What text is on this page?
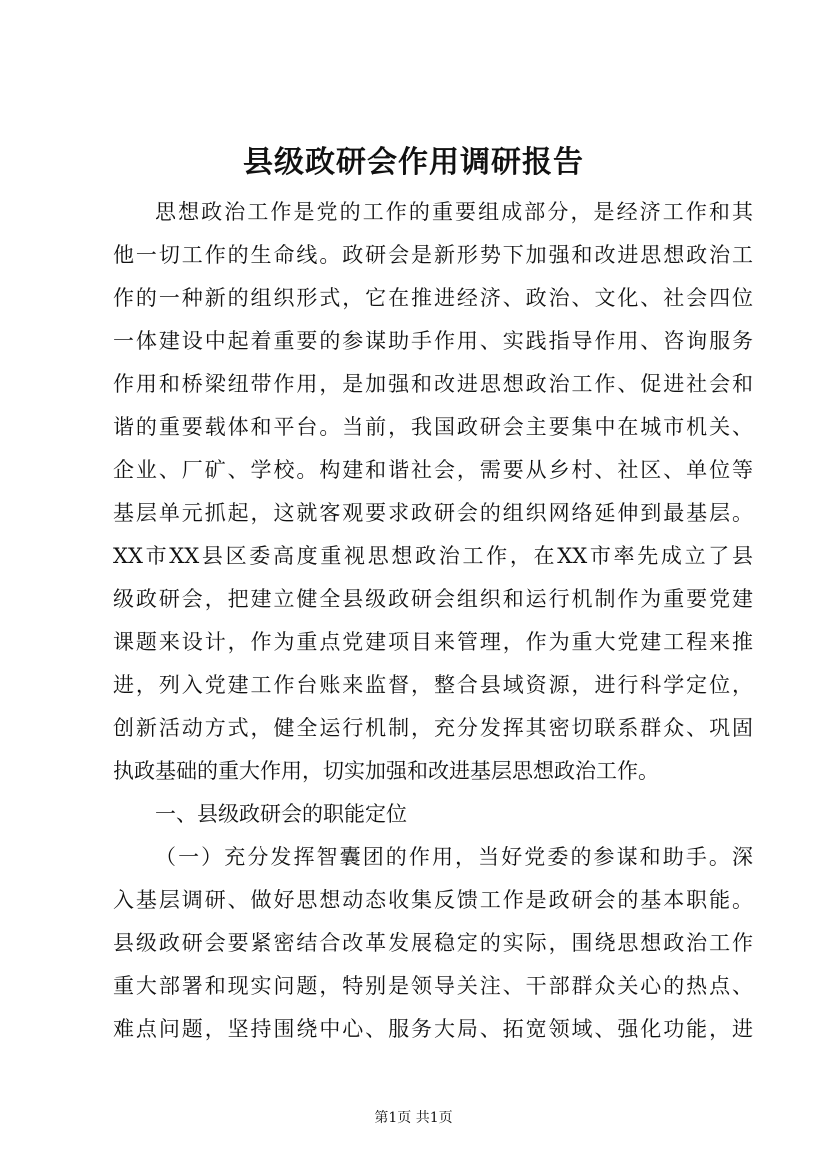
县级政研会作用调研报告
思想政治工作是党的工作的重要组成部分，是经济工作和其
他一切工作的生命线。政研会是新形势下加强和改进思想政治工
作的一种新的组织形式，它在推进经济、政治、文化、社会四位
一体建设中起着重要的参谋助手作用、实践指导作用、咨询服务
作用和桥梁纽带作用，是加强和改进思想政治工作、促进社会和
谐的重要载体和平台。当前，我国政研会主要集中在城市机关、
企业、厂矿、学校。构建和谐社会，需要从乡村、社区、单位等
基层单元抓起，这就客观要求政研会的组织网络延伸到最基层。
XX市XX县区委高度重视思想政治工作，在XX市率先成立了县
级政研会，把建立健全县级政研会组织和运行机制作为重要党建
课题来设计，作为重点党建项目来管理，作为重大党建工程来推
进，列入党建工作台账来监督，整合县域资源，进行科学定位，
创新活动方式，健全运行机制，充分发挥其密切联系群众、巩固
执政基础的重大作用，切实加强和改进基层思想政治工作。
一、县级政研会的职能定位
（一）充分发挥智囊团的作用，当好党委的参谋和助手。深
入基层调研、做好思想动态收集反馈工作是政研会的基本职能。
县级政研会要紧密结合改革发展稳定的实际，围绕思想政治工作
重大部署和现实问题，特别是领导关注、干部群众关心的热点、
难点问题，坚持围绕中心、服务大局、拓宽领域、强化功能，进
第1页 共1页
